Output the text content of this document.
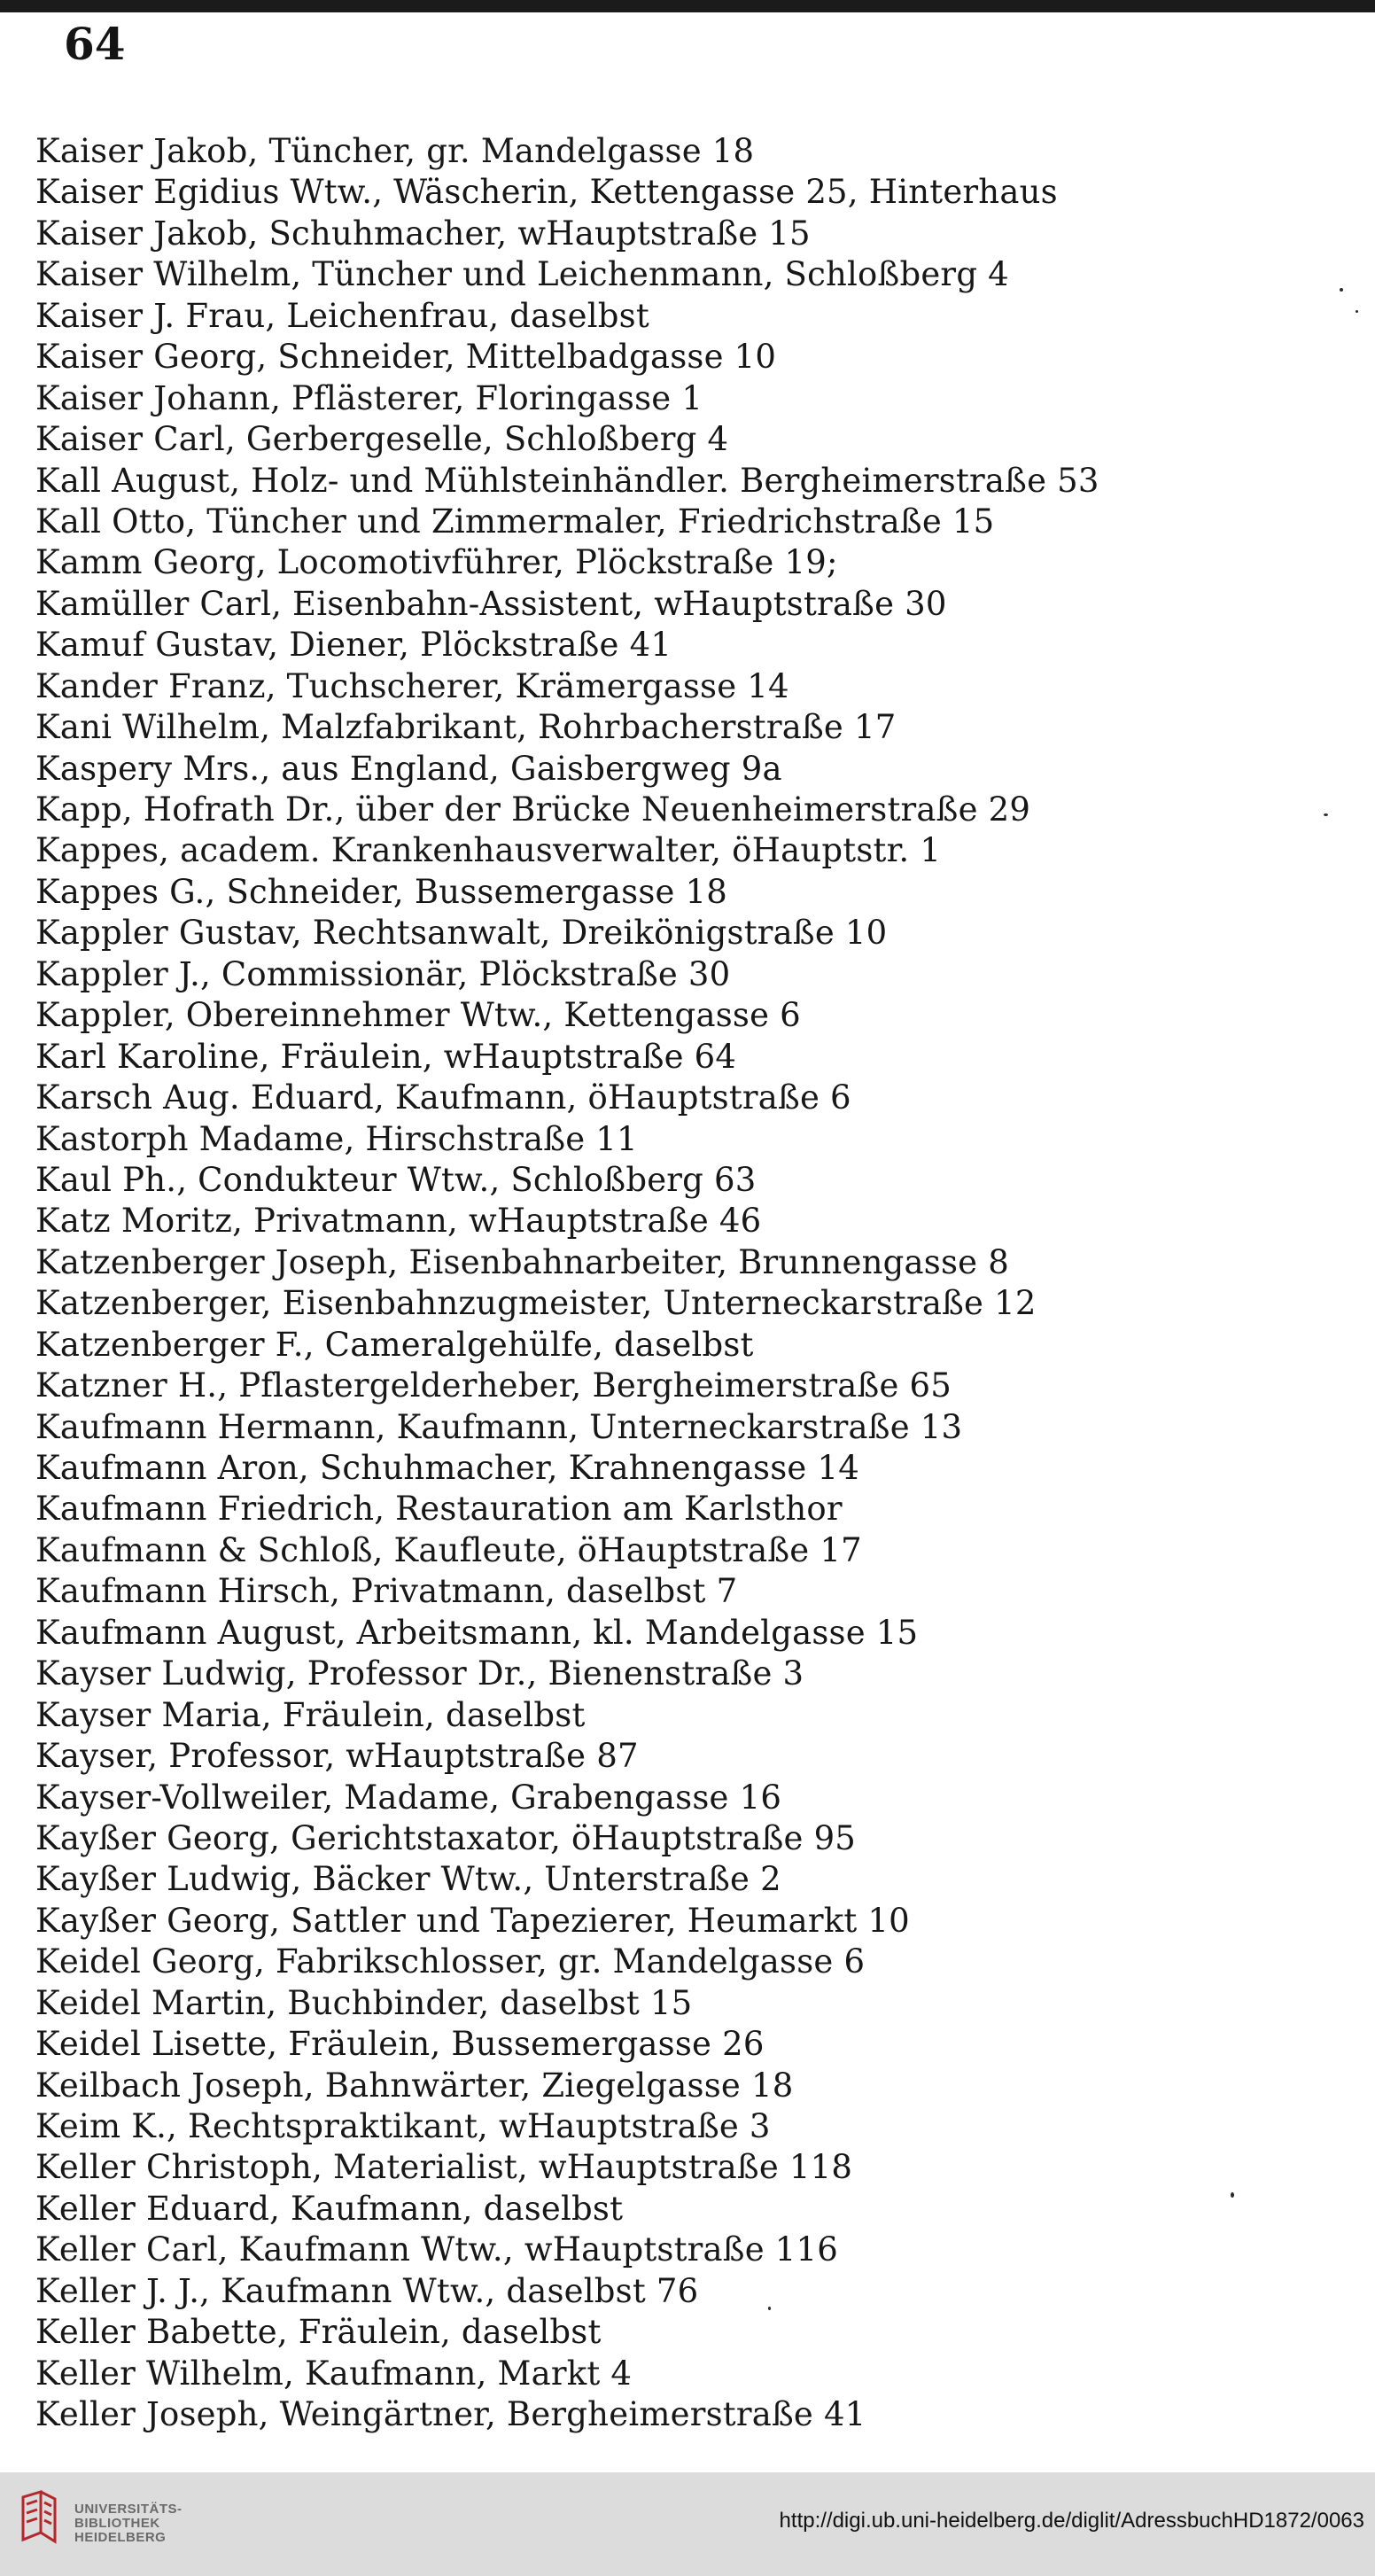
64
Kaiser Jakob, Tüncher, gr. Mandelgasse 18
Kaiser Egidius Wtw., Wäscherin, Kettengasse 25, Hinterhaus
Kaiser Jakob, Schuhmacher, wHauptstraße 15
Kaiser Wilhelm, Tüncher und Leichenmann, Schloßberg 4
Kaiser J. Frau, Leichenfrau, daselbst
Kaiser Georg, Schneider, Mittelbadgasse 10
Kaiser Johann, Pflästerer, Floringasse 1
Kaiser Carl, Gerbergeselle, Schloßberg 4
Kall August, Holz- und Mühlsteinhändler. Bergheimerstraße 53
Kall Otto, Tüncher und Zimmermaler, Friedrichstraße 15
Kamm Georg, Locomotivführer, Plöckstraße 19;
Kamüller Carl, Eisenbahn-Assistent, wHauptstraße 30
Kamuf Gustav, Diener, Plöckstraße 41
Kander Franz, Tuchscherer, Krämergasse 14
Kani Wilhelm, Malzfabrikant, Rohrbacherstraße 17
Kaspery Mrs., aus England, Gaisbergweg 9a
Kapp, Hofrath Dr., über der Brücke Neuenheimerstraße 29
Kappes, academ. Krankenhausverwalter, öHauptstr. 1
Kappes G., Schneider, Bussemergasse 18
Kappler Gustav, Rechtsanwalt, Dreikönigstraße 10
Kappler J., Commissionär, Plöckstraße 30
Kappler, Obereinnehmer Wtw., Kettengasse 6
Karl Karoline, Fräulein, wHauptstraße 64
Karsch Aug. Eduard, Kaufmann, öHauptstraße 6
Kastorph Madame, Hirschstraße 11
Kaul Ph., Condukteur Wtw., Schloßberg 63
Katz Moritz, Privatmann, wHauptstraße 46
Katzenberger Joseph, Eisenbahnarbeiter, Brunnengasse 8
Katzenberger, Eisenbahnzugmeister, Unterneckarstraße 12
Katzenberger F., Cameralgehülfe, daselbst
Katzner H., Pflastergelderheber, Bergheimerstraße 65
Kaufmann Hermann, Kaufmann, Unterneckarstraße 13
Kaufmann Aron, Schuhmacher, Krahnengasse 14
Kaufmann Friedrich, Restauration am Karlsthor
Kaufmann & Schloß, Kaufleute, öHauptstraße 17
Kaufmann Hirsch, Privatmann, daselbst 7
Kaufmann August, Arbeitsmann, kl. Mandelgasse 15
Kayser Ludwig, Professor Dr., Bienenstraße 3
Kayser Maria, Fräulein, daselbst
Kayser, Professor, wHauptstraße 87
Kayser-Vollweiler, Madame, Grabengasse 16
Kayßer Georg, Gerichtstaxator, öHauptstraße 95
Kayßer Ludwig, Bäcker Wtw., Unterstraße 2
Kayßer Georg, Sattler und Tapezierer, Heumarkt 10
Keidel Georg, Fabrikschlosser, gr. Mandelgasse 6
Keidel Martin, Buchbinder, daselbst 15
Keidel Lisette, Fräulein, Bussemergasse 26
Keilbach Joseph, Bahnwärter, Ziegelgasse 18
Keim K., Rechtspraktikant, wHauptstraße 3
Keller Christoph, Materialist, wHauptstraße 118
Keller Eduard, Kaufmann, daselbst
Keller Carl, Kaufmann Wtw., wHauptstraße 116
Keller J. J., Kaufmann Wtw., daselbst 76
Keller Babette, Fräulein, daselbst
Keller Wilhelm, Kaufmann, Markt 4
Keller Joseph, Weingärtner, Bergheimerstraße 41
UNIVERSITÄTS-
BIBLIOTHEK
HEIDELBERG
http://digi.ub.uni-heidelberg.de/diglit/AdressbuchHD1872/0063
